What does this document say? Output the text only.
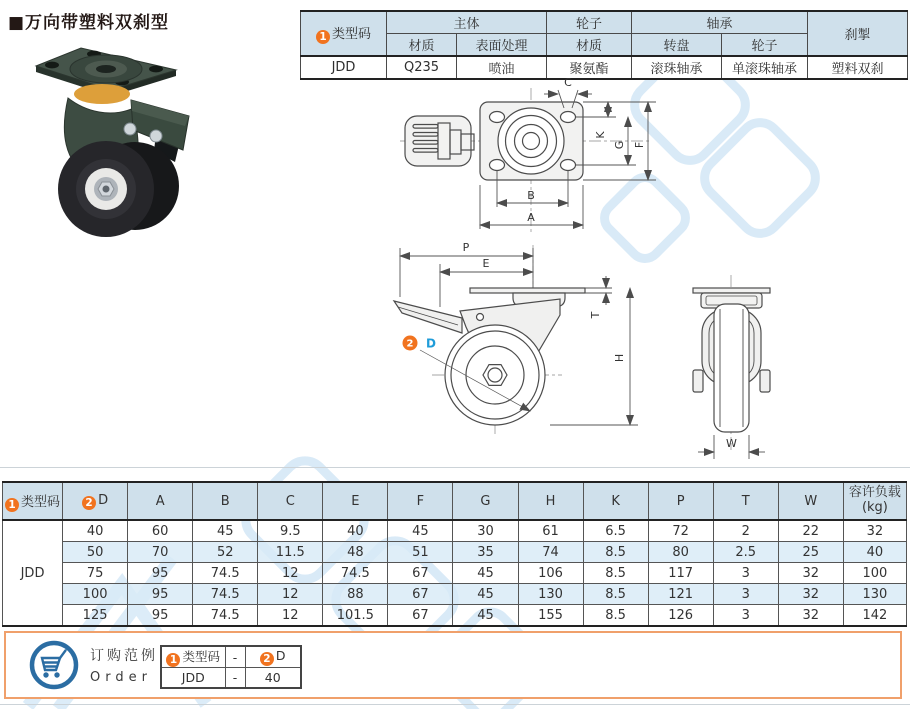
■万向带塑料双刹型
1 类型码	主体		轮子	轴承		刹掣
	材质	表面处理	材质	转盘	轮子	
JDD	Q235	喷油	聚氨酯	滚珠轴承	单滚珠轴承	塑料双刹
C
K
G F
B
A
P
E
T
H
2 D
W
1 类型码	2 D	A	B	C	E	F	G	H	K	P	T	W	容许负载
(kg)
JDD	40	60	45	9.5	40	45	30	61	6.5	72	2	22	32
	50	70	52	11.5	48	51	35	74	8.5	80	2.5	25	40
	75	95	74.5	12	74.5	67	45	106	8.5	117	3	32	100
	100	95	74.5	12	88	67	45	130	8.5	121	3	32	130
	125	95	74.5	12	101.5	67	45	155	8.5	126	3	32	142
订购范例
Order
1 类型码	-	2 D
JDD	-	40
